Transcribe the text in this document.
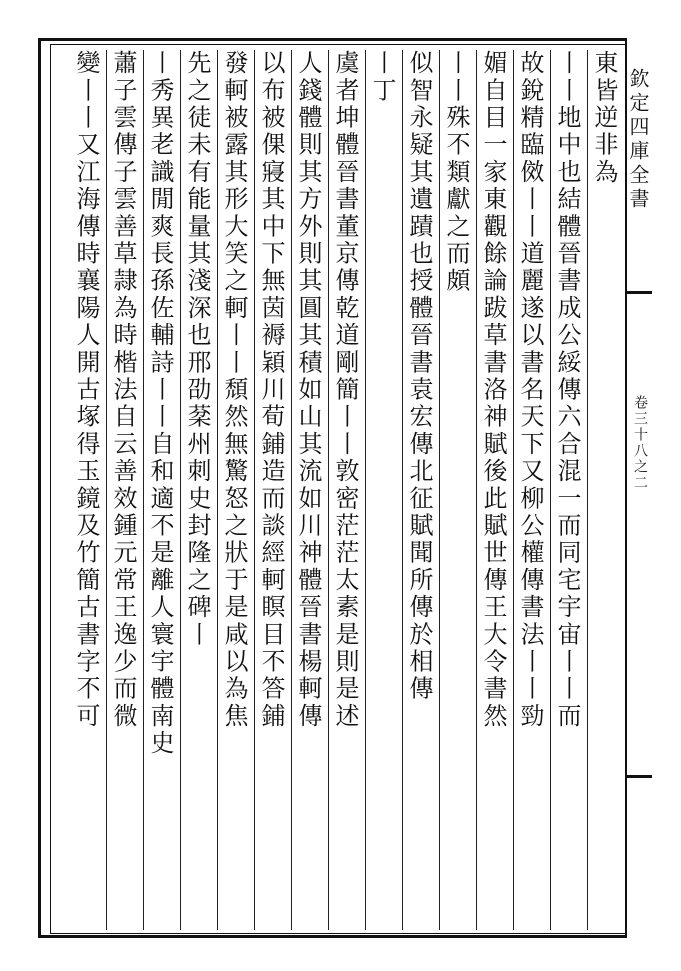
欽定四庫全書
卷三十八之二
東皆逆非為
丨丨地中也結體晉書成公綏傳六合混一而同宅宇宙丨丨而
故銳精臨傚丨丨道麗遂以書名天下又柳公權傳書法丨丨勁
媚自目一家東觀餘論跋草書洛神賦後此賦世傳王大令書然
丨丨殊不類獻之而頗
似智永疑其遺蹟也授體晉書袁宏傳北征賦聞所傳於相傳
丨丁
虞者坤體晉書董京傳乾道剛簡丨丨敦密茫茫太素是則是述
人錢體則其方外則其圓其積如山其流如川神體晉書楊軻傳
以布被倮寢其中下無茵褥穎川荀鋪造而談經軻瞑目不答鋪
發軻被露其形大笑之軻丨丨頹然無驚怒之狀于是咸以為焦
先之徒未有能量其淺深也邢劭棻州刺史封隆之碑丨
丨秀異老識閒爽長孫佐輔詩丨丨自和適不是離人寰宇體南史
蕭子雲傳子雲善草隷為時楷法自云善效鍾元常王逸少而微
變丨丨又江海傳時襄陽人開古塚得玉鏡及竹簡古書字不可
